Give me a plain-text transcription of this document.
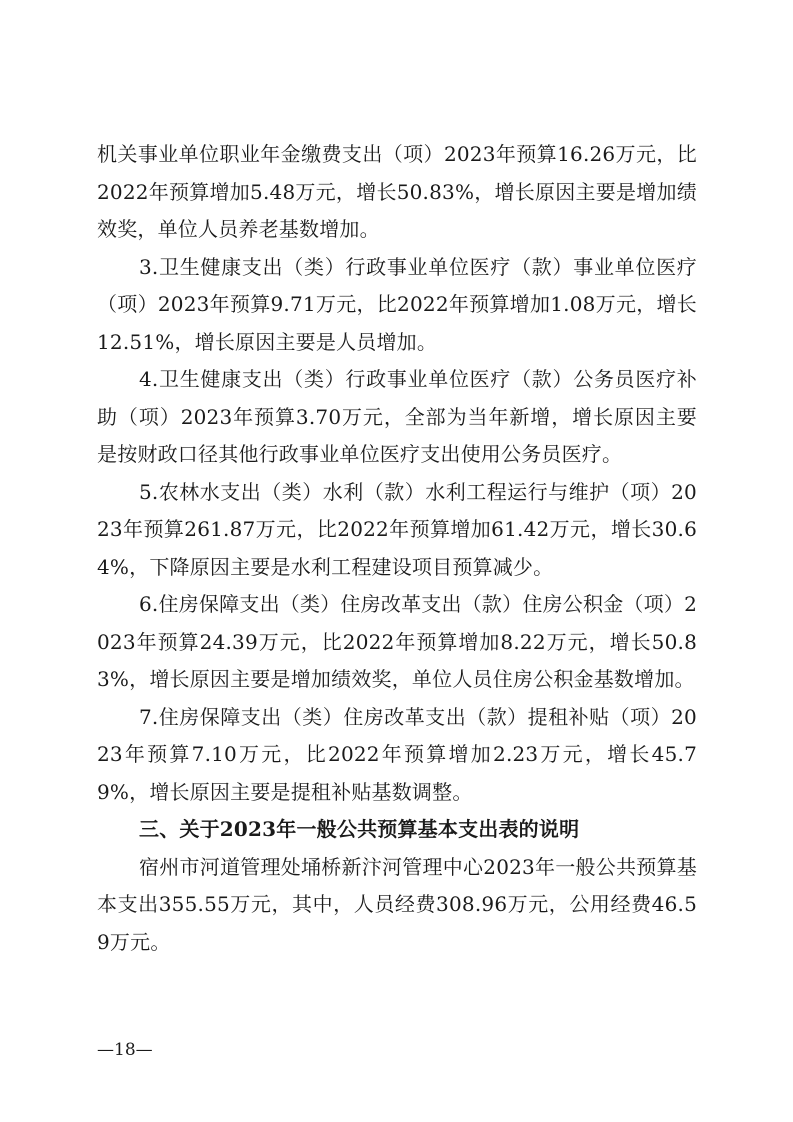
机关事业单位职业年金缴费支出（项）2023年预算16.26万元，比2022年预算增加5.48万元，增长50.83%，增长原因主要是增加绩效奖，单位人员养老基数增加。

3.卫生健康支出（类）行政事业单位医疗（款）事业单位医疗（项）2023年预算9.71万元，比2022年预算增加1.08万元，增长12.51%，增长原因主要是人员增加。

4.卫生健康支出（类）行政事业单位医疗（款）公务员医疗补助（项）2023年预算3.70万元，全部为当年新增，增长原因主要是按财政口径其他行政事业单位医疗支出使用公务员医疗。

5.农林水支出（类）水利（款）水利工程运行与维护（项）2023年预算261.87万元，比2022年预算增加61.42万元，增长30.64%，下降原因主要是水利工程建设项目预算减少。

6.住房保障支出（类）住房改革支出（款）住房公积金（项）2023年预算24.39万元，比2022年预算增加8.22万元，增长50.83%，增长原因主要是增加绩效奖，单位人员住房公积金基数增加。

7.住房保障支出（类）住房改革支出（款）提租补贴（项）2023年预算7.10万元，比2022年预算增加2.23万元，增长45.79%，增长原因主要是提租补贴基数调整。

三、关于2023年一般公共预算基本支出表的说明

宿州市河道管理处埇桥新汴河管理中心2023年一般公共预算基本支出355.55万元，其中，人员经费308.96万元，公用经费46.59万元。

—18—
